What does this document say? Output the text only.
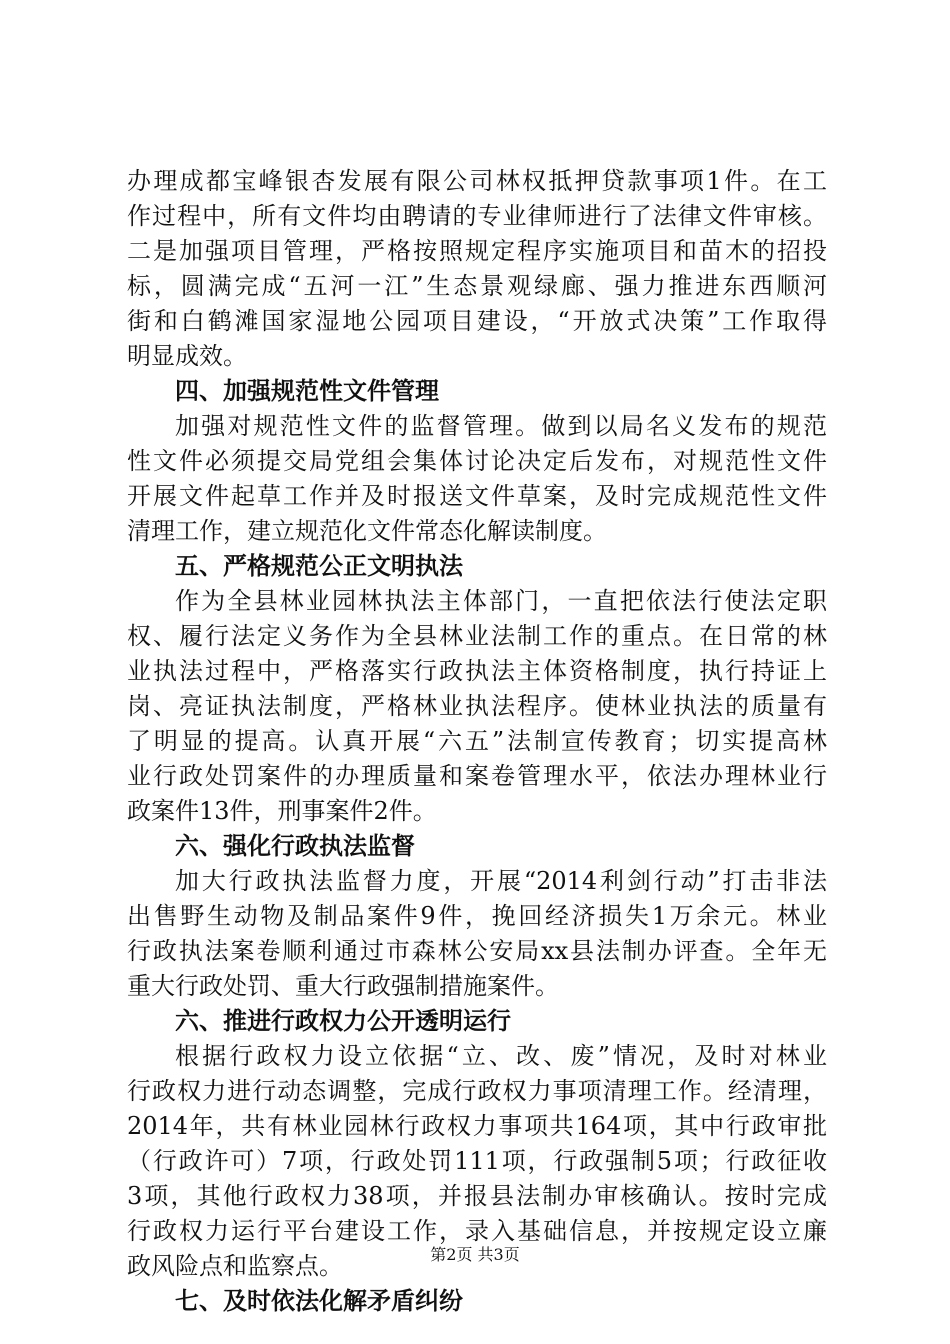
办理成都宝峰银杏发展有限公司林权抵押贷款事项1件。在工
作过程中，所有文件均由聘请的专业律师进行了法律文件审核。
二是加强项目管理，严格按照规定程序实施项目和苗木的招投
标，圆满完成“五河一江”生态景观绿廊、强力推进东西顺河
街和白鹤滩国家湿地公园项目建设，“开放式决策”工作取得
明显成效。
四、加强规范性文件管理
加强对规范性文件的监督管理。做到以局名义发布的规范
性文件必须提交局党组会集体讨论决定后发布，对规范性文件
开展文件起草工作并及时报送文件草案，及时完成规范性文件
清理工作，建立规范化文件常态化解读制度。
五、严格规范公正文明执法
作为全县林业园林执法主体部门，一直把依法行使法定职
权、履行法定义务作为全县林业法制工作的重点。在日常的林
业执法过程中，严格落实行政执法主体资格制度，执行持证上
岗、亮证执法制度，严格林业执法程序。使林业执法的质量有
了明显的提高。认真开展“六五”法制宣传教育；切实提高林
业行政处罚案件的办理质量和案卷管理水平，依法办理林业行
政案件13件，刑事案件2件。
六、强化行政执法监督
加大行政执法监督力度，开展“2014利剑行动”打击非法
出售野生动物及制品案件9件，挽回经济损失1万余元。林业
行政执法案卷顺利通过市森林公安局xx县法制办评查。全年无
重大行政处罚、重大行政强制措施案件。
六、推进行政权力公开透明运行
根据行政权力设立依据“立、改、废”情况，及时对林业
行政权力进行动态调整，完成行政权力事项清理工作。经清理，
2014年，共有林业园林行政权力事项共164项，其中行政审批
（行政许可）7项，行政处罚111项，行政强制5项；行政征收
3项，其他行政权力38项，并报县法制办审核确认。按时完成
行政权力运行平台建设工作，录入基础信息，并按规定设立廉
政风险点和监察点。
七、及时依法化解矛盾纠纷
第2页 共3页
